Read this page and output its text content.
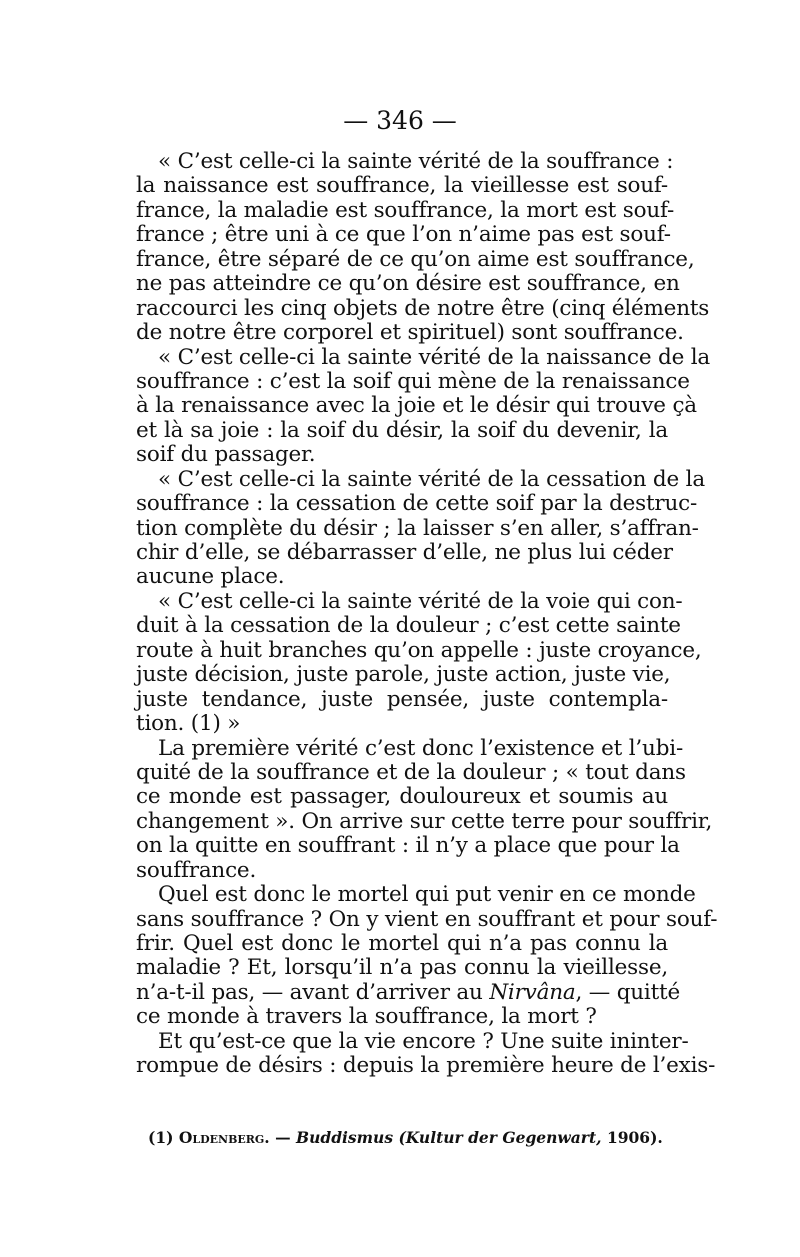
— 346 —
« C’est celle-ci la sainte vérité de la souffrance :
la naissance est souffrance, la vieillesse est souf-
france, la maladie est souffrance, la mort est souf-
france ; être uni à ce que l’on n’aime pas est souf-
france, être séparé de ce qu’on aime est souffrance,
ne pas atteindre ce qu’on désire est souffrance, en
raccourci les cinq objets de notre être (cinq éléments
de notre être corporel et spirituel) sont souffrance.
« C’est celle-ci la sainte vérité de la naissance de la
souffrance : c’est la soif qui mène de la renaissance
à la renaissance avec la joie et le désir qui trouve çà
et là sa joie : la soif du désir, la soif du devenir, la
soif du passager.
« C’est celle-ci la sainte vérité de la cessation de la
souffrance : la cessation de cette soif par la destruc-
tion complète du désir ; la laisser s’en aller, s’affran-
chir d’elle, se débarrasser d’elle, ne plus lui céder
aucune place.
« C’est celle-ci la sainte vérité de la voie qui con-
duit à la cessation de la douleur ; c’est cette sainte
route à huit branches qu’on appelle : juste croyance,
juste décision, juste parole, juste action, juste vie,
juste tendance, juste pensée, juste contempla-
tion. (1) »
La première vérité c’est donc l’existence et l’ubi-
quité de la souffrance et de la douleur ; « tout dans
ce monde est passager, douloureux et soumis au
changement ». On arrive sur cette terre pour souffrir,
on la quitte en souffrant : il n’y a place que pour la
souffrance.
Quel est donc le mortel qui put venir en ce monde
sans souffrance ? On y vient en souffrant et pour souf-
frir. Quel est donc le mortel qui n’a pas connu la
maladie ? Et, lorsqu’il n’a pas connu la vieillesse,
n’a-t-il pas, — avant d’arriver au Nirvâna, — quitté
ce monde à travers la souffrance, la mort ?
Et qu’est-ce que la vie encore ? Une suite ininter-
rompue de désirs : depuis la première heure de l’exis-
(1) Oldenberg. — Buddismus (Kultur der Gegenwart, 1906).
